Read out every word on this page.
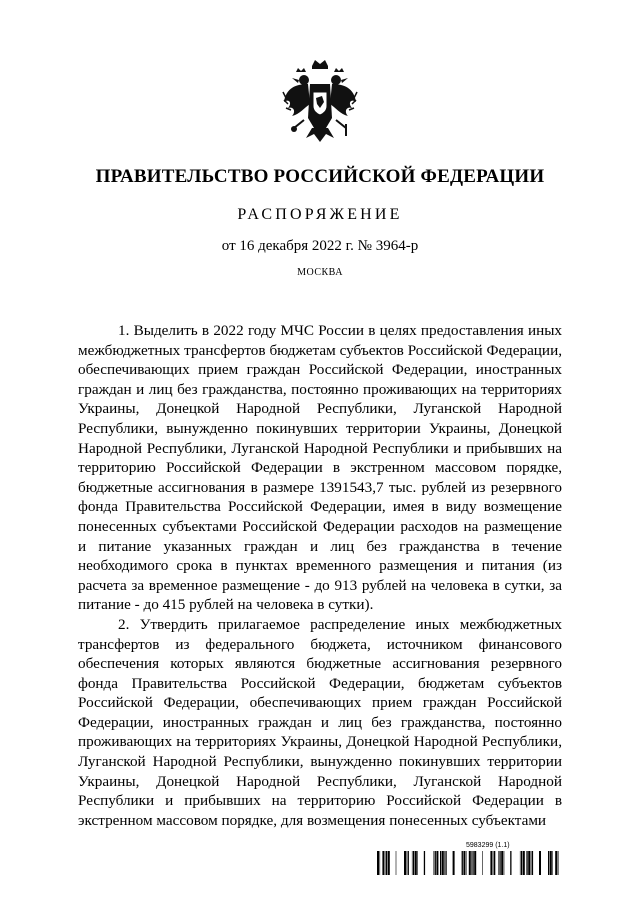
ПРАВИТЕЛЬСТВО РОССИЙСКОЙ ФЕДЕРАЦИИ
РАСПОРЯЖЕНИЕ
от 16 декабря 2022 г. № 3964-р
МОСКВА

1. Выделить в 2022 году МЧС России в целях предоставления иных межбюджетных трансфертов бюджетам субъектов Российской Федерации, обеспечивающих прием граждан Российской Федерации, иностранных граждан и лиц без гражданства, постоянно проживающих на территориях Украины, Донецкой Народной Республики, Луганской Народной Республики, вынужденно покинувших территории Украины, Донецкой Народной Республики, Луганской Народной Республики и прибывших на территорию Российской Федерации в экстренном массовом порядке, бюджетные ассигнования в размере 1391543,7 тыс. рублей из резервного фонда Правительства Российской Федерации, имея в виду возмещение понесенных субъектами Российской Федерации расходов на размещение и питание указанных граждан и лиц без гражданства в течение необходимого срока в пунктах временного размещения и питания (из расчета за временное размещение - до 913 рублей на человека в сутки, за питание - до 415 рублей на человека в сутки).

2. Утвердить прилагаемое распределение иных межбюджетных трансфертов из федерального бюджета, источником финансового обеспечения которых являются бюджетные ассигнования резервного фонда Правительства Российской Федерации, бюджетам субъектов Российской Федерации, обеспечивающих прием граждан Российской Федерации, иностранных граждан и лиц без гражданства, постоянно проживающих на территориях Украины, Донецкой Народной Республики, Луганской Народной Республики, вынужденно покинувших территории Украины, Донецкой Народной Республики, Луганской Народной Республики и прибывших на территорию Российской Федерации в экстренном массовом порядке, для возмещения понесенных субъектами

5983299 (1.1)
